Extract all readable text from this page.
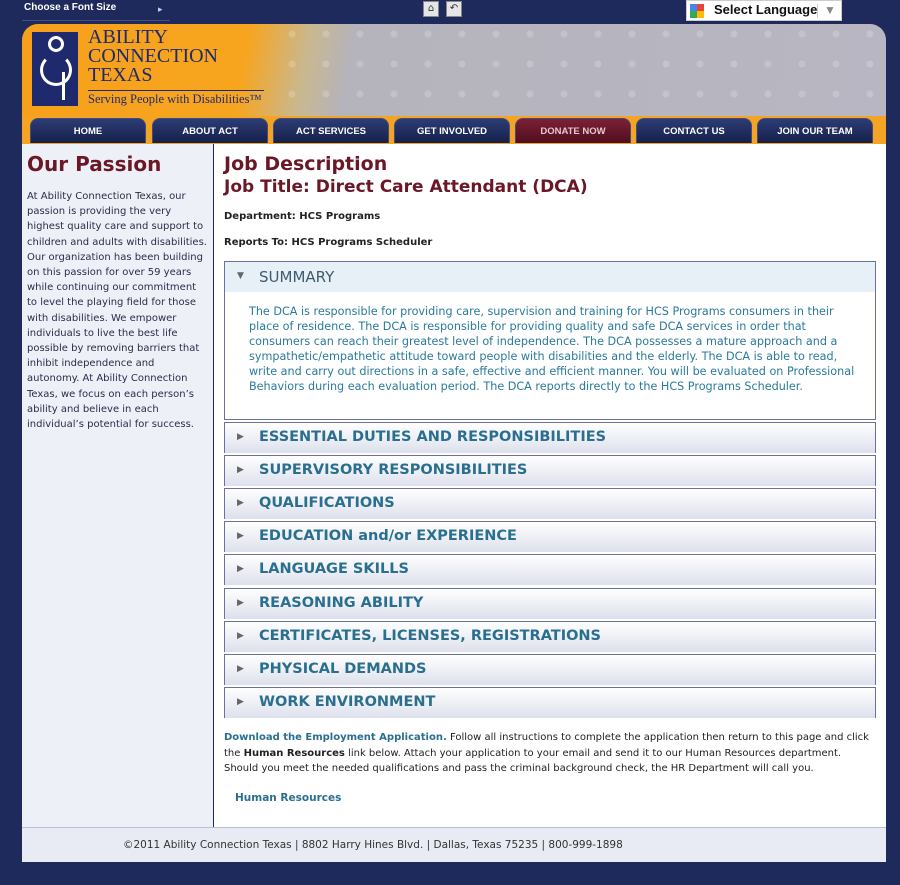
Choose a Font Size	▸	⌂	↶	Select Language ▼
ABILITY
CONNECTION
TEXAS
Serving People with Disabilities™
HOME	ABOUT ACT	ACT SERVICES	GET INVOLVED	DONATE NOW	CONTACT US	JOIN OUR TEAM
Our Passion

At Ability Connection Texas, our passion is providing the very highest quality care and support to children and adults with disabilities. Our organization has been building on this passion for over 59 years while continuing our commitment to level the playing field for those with disabilities. We empower individuals to live the best life possible by removing barriers that inhibit independence and autonomy. At Ability Connection Texas, we focus on each person’s ability and believe in each individual’s potential for success.

Job Description
Job Title: Direct Care Attendant (DCA)
Department: HCS Programs
Reports To: HCS Programs Scheduler
▼ SUMMARY
The DCA is responsible for providing care, supervision and training for HCS Programs consumers in their place of residence. The DCA is responsible for providing quality and safe DCA services in order that consumers can reach their greatest level of independence. The DCA possesses a mature approach and a sympathetic/empathetic attitude toward people with disabilities and the elderly. The DCA is able to read, write and carry out directions in a safe, effective and efficient manner. You will be evaluated on Professional Behaviors during each evaluation period. The DCA reports directly to the HCS Programs Scheduler.
▶ ESSENTIAL DUTIES AND RESPONSIBILITIES
▶ SUPERVISORY RESPONSIBILITIES
▶ QUALIFICATIONS
▶ EDUCATION and/or EXPERIENCE
▶ LANGUAGE SKILLS
▶ REASONING ABILITY
▶ CERTIFICATES, LICENSES, REGISTRATIONS
▶ PHYSICAL DEMANDS
▶ WORK ENVIRONMENT
Download the Employment Application. Follow all instructions to complete the application then return to this page and click the Human Resources link below. Attach your application to your email and send it to our Human Resources department. Should you meet the needed qualifications and pass the criminal background check, the HR Department will call you.
Human Resources
©2011 Ability Connection Texas | 8802 Harry Hines Blvd. | Dallas, Texas 75235 | 800-999-1898
